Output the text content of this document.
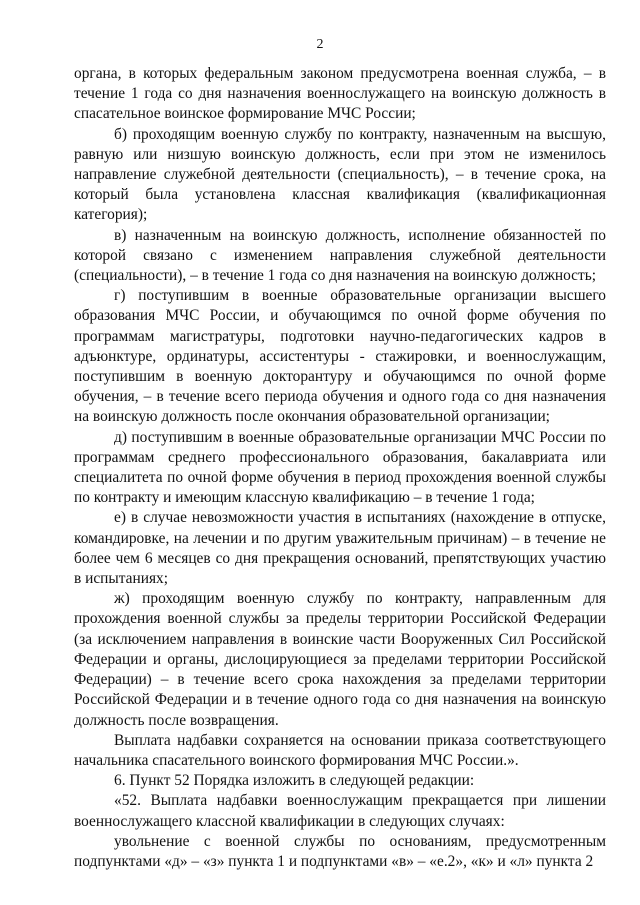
2

органа, в которых федеральным законом предусмотрена военная служба, – в течение 1 года со дня назначения военнослужащего на воинскую должность в спасательное воинское формирование МЧС России;

б) проходящим военную службу по контракту, назначенным на высшую, равную или низшую воинскую должность, если при этом не изменилось направление служебной деятельности (специальность), – в течение срока, на который была установлена классная квалификация (квалификационная категория);

в) назначенным на воинскую должность, исполнение обязанностей по которой связано с изменением направления служебной деятельности (специальности), – в течение 1 года со дня назначения на воинскую должность;

г) поступившим в военные образовательные организации высшего образования МЧС России, и обучающимся по очной форме обучения по программам магистратуры, подготовки научно-педагогических кадров в адъюнктуре, ординатуры, ассистентуры - стажировки, и военнослужащим, поступившим в военную докторантуру и обучающимся по очной форме обучения, – в течение всего периода обучения и одного года со дня назначения на воинскую должность после окончания образовательной организации;

д) поступившим в военные образовательные организации МЧС России по программам среднего профессионального образования, бакалавриата или специалитета по очной форме обучения в период прохождения военной службы по контракту и имеющим классную квалификацию – в течение 1 года;

е) в случае невозможности участия в испытаниях (нахождение в отпуске, командировке, на лечении и по другим уважительным причинам) – в течение не более чем 6 месяцев со дня прекращения оснований, препятствующих участию в испытаниях;

ж) проходящим военную службу по контракту, направленным для прохождения военной службы за пределы территории Российской Федерации (за исключением направления в воинские части Вооруженных Сил Российской Федерации и органы, дислоцирующиеся за пределами территории Российской Федерации) – в течение всего срока нахождения за пределами территории Российской Федерации и в течение одного года со дня назначения на воинскую должность после возвращения.

Выплата надбавки сохраняется на основании приказа соответствующего начальника спасательного воинского формирования МЧС России.».

6. Пункт 52 Порядка изложить в следующей редакции:

«52. Выплата надбавки военнослужащим прекращается при лишении военнослужащего классной квалификации в следующих случаях:

увольнение с военной службы по основаниям, предусмотренным подпунктами «д» – «з» пункта 1 и подпунктами «в» – «е.2», «к» и «л» пункта 2
